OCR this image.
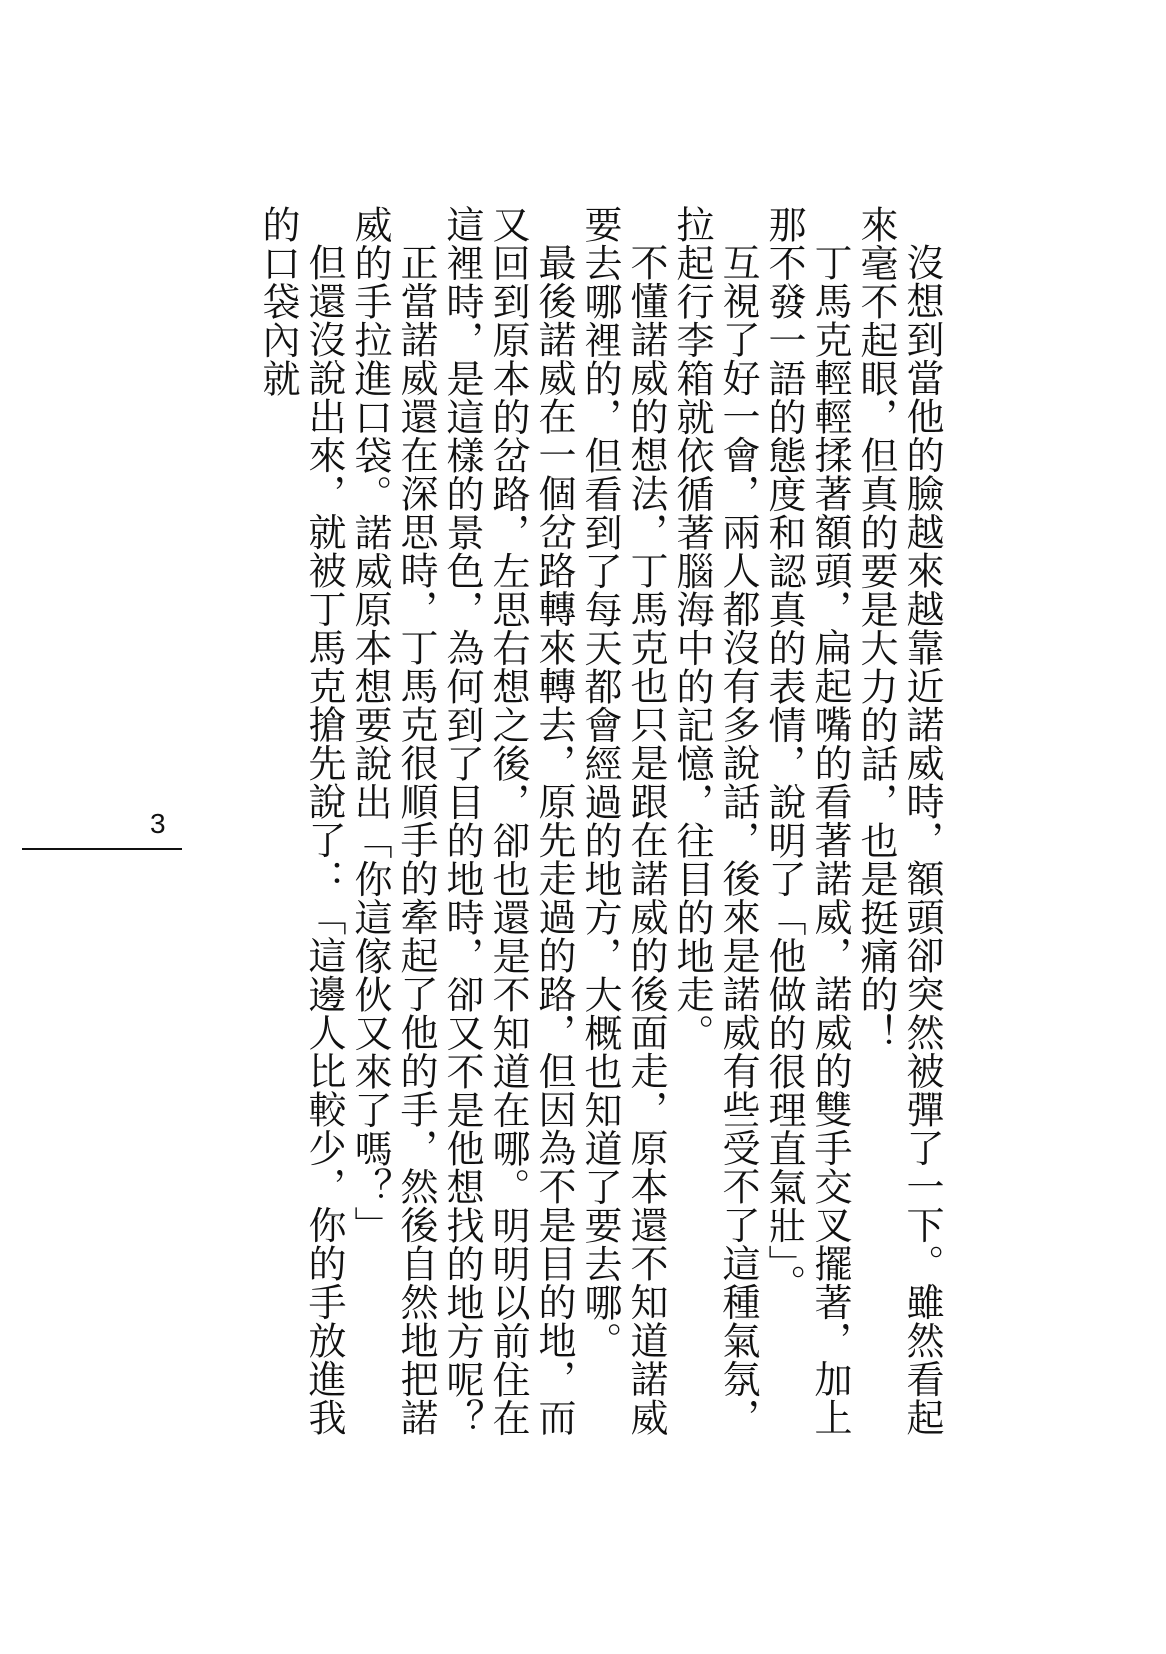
沒想到當他的臉越來越靠近諾威時，額頭卻突然被彈了一下。雖然看起來毫不起眼，但真的要是大力的話，也是挺痛的！

丁馬克輕輕揉著額頭，扁起嘴的看著諾威，諾威的雙手交叉擺著，加上那不發一語的態度和認真的表情，說明了「他做的很理直氣壯」。

互視了好一會，兩人都沒有多說話，後來是諾威有些受不了這種氣氛，拉起行李箱就依循著腦海中的記憶，往目的地走。

不懂諾威的想法，丁馬克也只是跟在諾威的後面走，原本還不知道諾威要去哪裡的，但看到了每天都會經過的地方，大概也知道了要去哪。

最後諾威在一個岔路轉來轉去，原先走過的路，但因為不是目的地，而又回到原本的岔路，左思右想之後，卻也還是不知道在哪。明明以前住在這裡時，是這樣的景色，為何到了目的地時，卻又不是他想找的地方呢？

正當諾威還在深思時，丁馬克很順手的牽起了他的手，然後自然地把諾威的手拉進口袋。諾威原本想要說出「你這傢伙又來了嗎？」

但還沒說出來，就被丁馬克搶先說了：「這邊人比較少，你的手放進我的口袋內就

3
